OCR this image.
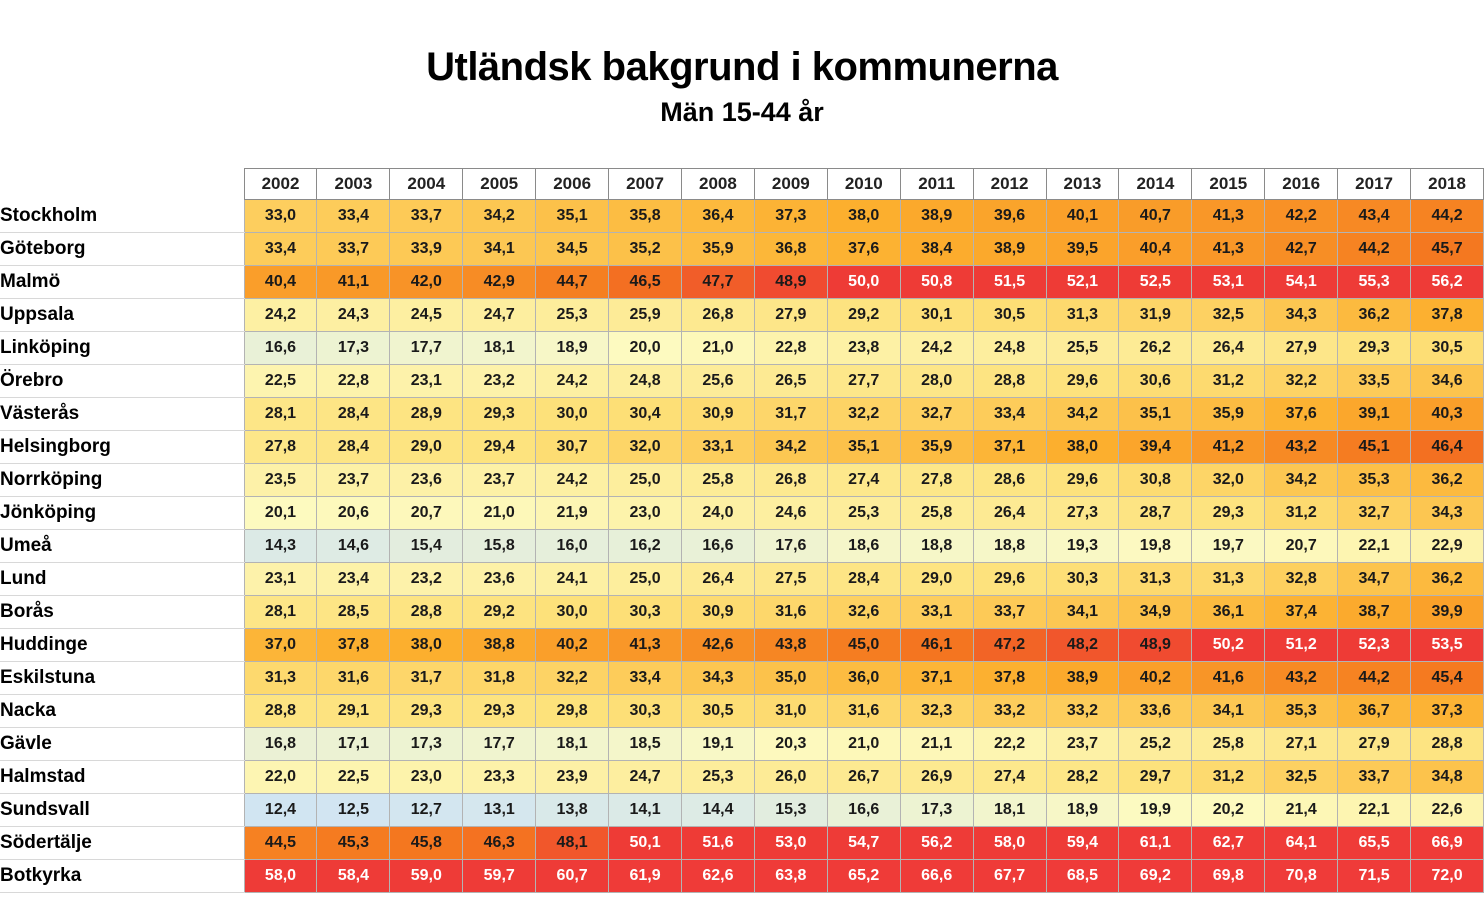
Utländsk bakgrund i kommunerna
Män 15-44 år
	2002	2003	2004	2005	2006	2007	2008	2009	2010	2011	2012	2013	2014	2015	2016	2017	2018
Stockholm	33,0	33,4	33,7	34,2	35,1	35,8	36,4	37,3	38,0	38,9	39,6	40,1	40,7	41,3	42,2	43,4	44,2
Göteborg	33,4	33,7	33,9	34,1	34,5	35,2	35,9	36,8	37,6	38,4	38,9	39,5	40,4	41,3	42,7	44,2	45,7
Malmö	40,4	41,1	42,0	42,9	44,7	46,5	47,7	48,9	50,0	50,8	51,5	52,1	52,5	53,1	54,1	55,3	56,2
Uppsala	24,2	24,3	24,5	24,7	25,3	25,9	26,8	27,9	29,2	30,1	30,5	31,3	31,9	32,5	34,3	36,2	37,8
Linköping	16,6	17,3	17,7	18,1	18,9	20,0	21,0	22,8	23,8	24,2	24,8	25,5	26,2	26,4	27,9	29,3	30,5
Örebro	22,5	22,8	23,1	23,2	24,2	24,8	25,6	26,5	27,7	28,0	28,8	29,6	30,6	31,2	32,2	33,5	34,6
Västerås	28,1	28,4	28,9	29,3	30,0	30,4	30,9	31,7	32,2	32,7	33,4	34,2	35,1	35,9	37,6	39,1	40,3
Helsingborg	27,8	28,4	29,0	29,4	30,7	32,0	33,1	34,2	35,1	35,9	37,1	38,0	39,4	41,2	43,2	45,1	46,4
Norrköping	23,5	23,7	23,6	23,7	24,2	25,0	25,8	26,8	27,4	27,8	28,6	29,6	30,8	32,0	34,2	35,3	36,2
Jönköping	20,1	20,6	20,7	21,0	21,9	23,0	24,0	24,6	25,3	25,8	26,4	27,3	28,7	29,3	31,2	32,7	34,3
Umeå	14,3	14,6	15,4	15,8	16,0	16,2	16,6	17,6	18,6	18,8	18,8	19,3	19,8	19,7	20,7	22,1	22,9
Lund	23,1	23,4	23,2	23,6	24,1	25,0	26,4	27,5	28,4	29,0	29,6	30,3	31,3	31,3	32,8	34,7	36,2
Borås	28,1	28,5	28,8	29,2	30,0	30,3	30,9	31,6	32,6	33,1	33,7	34,1	34,9	36,1	37,4	38,7	39,9
Huddinge	37,0	37,8	38,0	38,8	40,2	41,3	42,6	43,8	45,0	46,1	47,2	48,2	48,9	50,2	51,2	52,3	53,5
Eskilstuna	31,3	31,6	31,7	31,8	32,2	33,4	34,3	35,0	36,0	37,1	37,8	38,9	40,2	41,6	43,2	44,2	45,4
Nacka	28,8	29,1	29,3	29,3	29,8	30,3	30,5	31,0	31,6	32,3	33,2	33,2	33,6	34,1	35,3	36,7	37,3
Gävle	16,8	17,1	17,3	17,7	18,1	18,5	19,1	20,3	21,0	21,1	22,2	23,7	25,2	25,8	27,1	27,9	28,8
Halmstad	22,0	22,5	23,0	23,3	23,9	24,7	25,3	26,0	26,7	26,9	27,4	28,2	29,7	31,2	32,5	33,7	34,8
Sundsvall	12,4	12,5	12,7	13,1	13,8	14,1	14,4	15,3	16,6	17,3	18,1	18,9	19,9	20,2	21,4	22,1	22,6
Södertälje	44,5	45,3	45,8	46,3	48,1	50,1	51,6	53,0	54,7	56,2	58,0	59,4	61,1	62,7	64,1	65,5	66,9
Botkyrka	58,0	58,4	59,0	59,7	60,7	61,9	62,6	63,8	65,2	66,6	67,7	68,5	69,2	69,8	70,8	71,5	72,0
